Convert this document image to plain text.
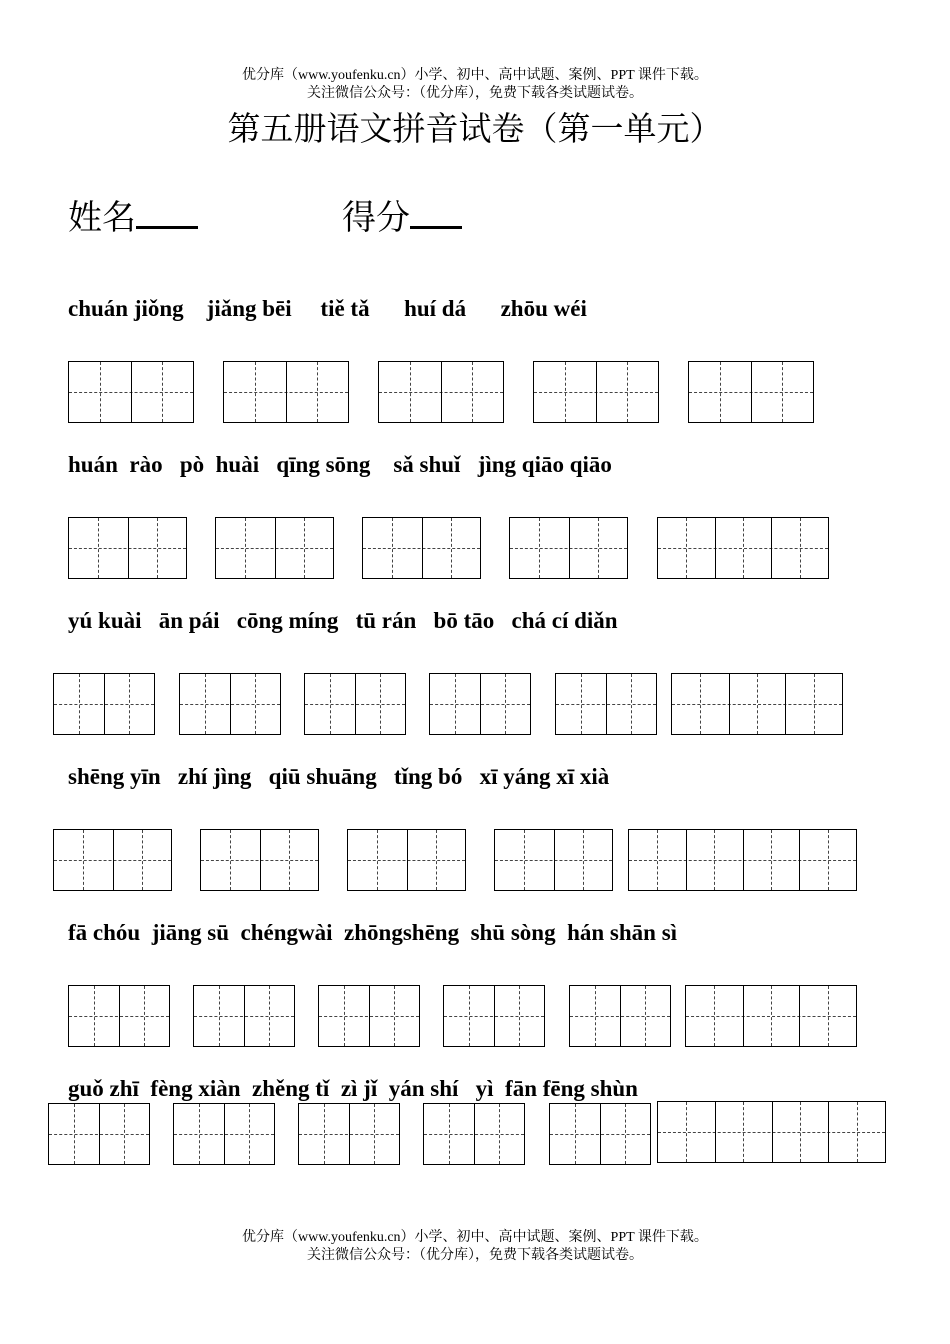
优分库（www.youfenku.cn）小学、初中、高中试题、案例、PPT 课件下载。
关注微信公众号：（优分库），免费下载各类试题试卷。
第五册语文拼音试卷（第一单元）
姓名	得分
chuán jiǒng    jiǎng bēi     tiě tǎ      huí dá      zhōu wéi
huán  rào   pò  huài   qīng sōng    sǎ shuǐ   jìng qiāo qiāo
yú kuài   ān pái   cōng míng   tū rán   bō tāo   chá cí diǎn
shēng yīn   zhí jìng   qiū shuāng   tǐng bó   xī yáng xī xià
fā chóu  jiāng sū  chéngwài  zhōngshēng  shū sòng  hán shān sì
guǒ zhī  fèng xiàn  zhěng tǐ  zì jǐ  yán shí   yì  fān fēng shùn
优分库（www.youfenku.cn）小学、初中、高中试题、案例、PPT 课件下载。
关注微信公众号：（优分库），免费下载各类试题试卷。
